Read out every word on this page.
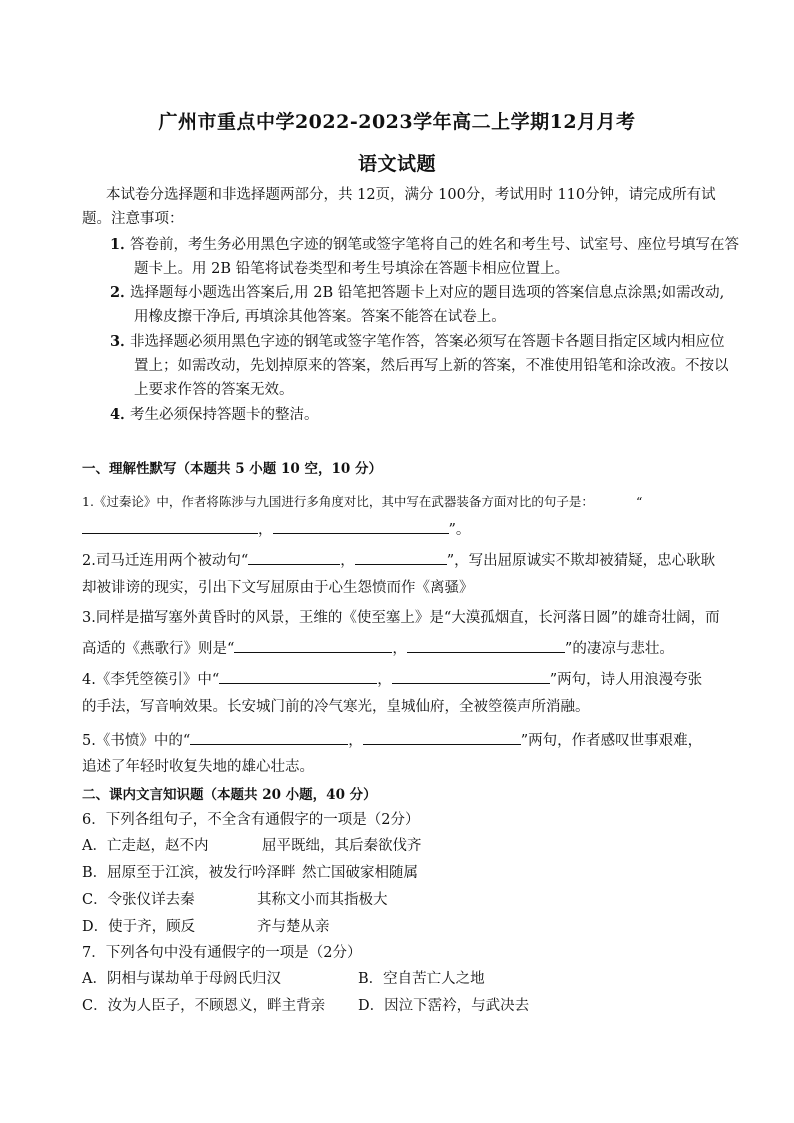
广州市重点中学2022-2023学年高二上学期12月月考
语文试题
本试卷分选择题和非选择题两部分，共 12页，满分 100分，考试用时 110分钟，请完成所有试
题。注意事项：
1．答卷前，考生务必用黑色字迹的钢笔或签字笔将自己的姓名和考生号、试室号、座位号填写在答
题卡上。用 2B 铅笔将试卷类型和考生号填涂在答题卡相应位置上。
2．选择题每小题选出答案后,用 2B 铅笔把答题卡上对应的题目选项的答案信息点涂黑;如需改动,
用橡皮擦干净后, 再填涂其他答案。答案不能答在试卷上。
3．非选择题必须用黑色字迹的钢笔或签字笔作答，答案必须写在答题卡各题目指定区域内相应位
置上；如需改动，先划掉原来的答案，然后再写上新的答案，不准使用铅笔和涂改液。不按以
上要求作答的答案无效。
4．考生必须保持答题卡的整洁。
一、理解性默写（本题共 5 小题 10 空，10 分）
1.《过秦论》中，作者将陈涉与九国进行多角度对比，其中写在武器装备方面对比的句子是：	“
，	”。
2.司马迁连用两个被动句“	，	”，写出屈原诚实不欺却被猜疑，忠心耿耿
却被诽谤的现实，引出下文写屈原由于心生怨愤而作《离骚》
3.同样是描写塞外黄昏时的风景，王维的《使至塞上》是“大漠孤烟直，长河落日圆”的雄奇壮阔，而
高适的《燕歌行》则是“	，	”的凄凉与悲壮。
4.《李凭箜篌引》中“	，	”两句，诗人用浪漫夸张
的手法，写音响效果。长安城门前的冷气寒光，皇城仙府，全被箜篌声所消融。
5.《书愤》中的“	，	”两句，作者感叹世事艰难，
追述了年轻时收复失地的雄心壮志。
二、课内文言知识题（本题共 20 小题，40 分）
6．下列各组句子，不全含有通假字的一项是（2分）
A．亡走赵，赵不内	屈平既绌，其后秦欲伐齐
B．屈原至于江滨，被发行吟泽畔 然亡国破家相随属
C．令张仪详去秦	其称文小而其指极大
D．使于齐，顾反	齐与楚从亲
7．下列各句中没有通假字的一项是（2分）
A．阴相与谋劫单于母阏氏归汉	B．空自苦亡人之地
C．汝为人臣子，不顾恩义，畔主背亲 D．因泣下霑衿，与武决去
